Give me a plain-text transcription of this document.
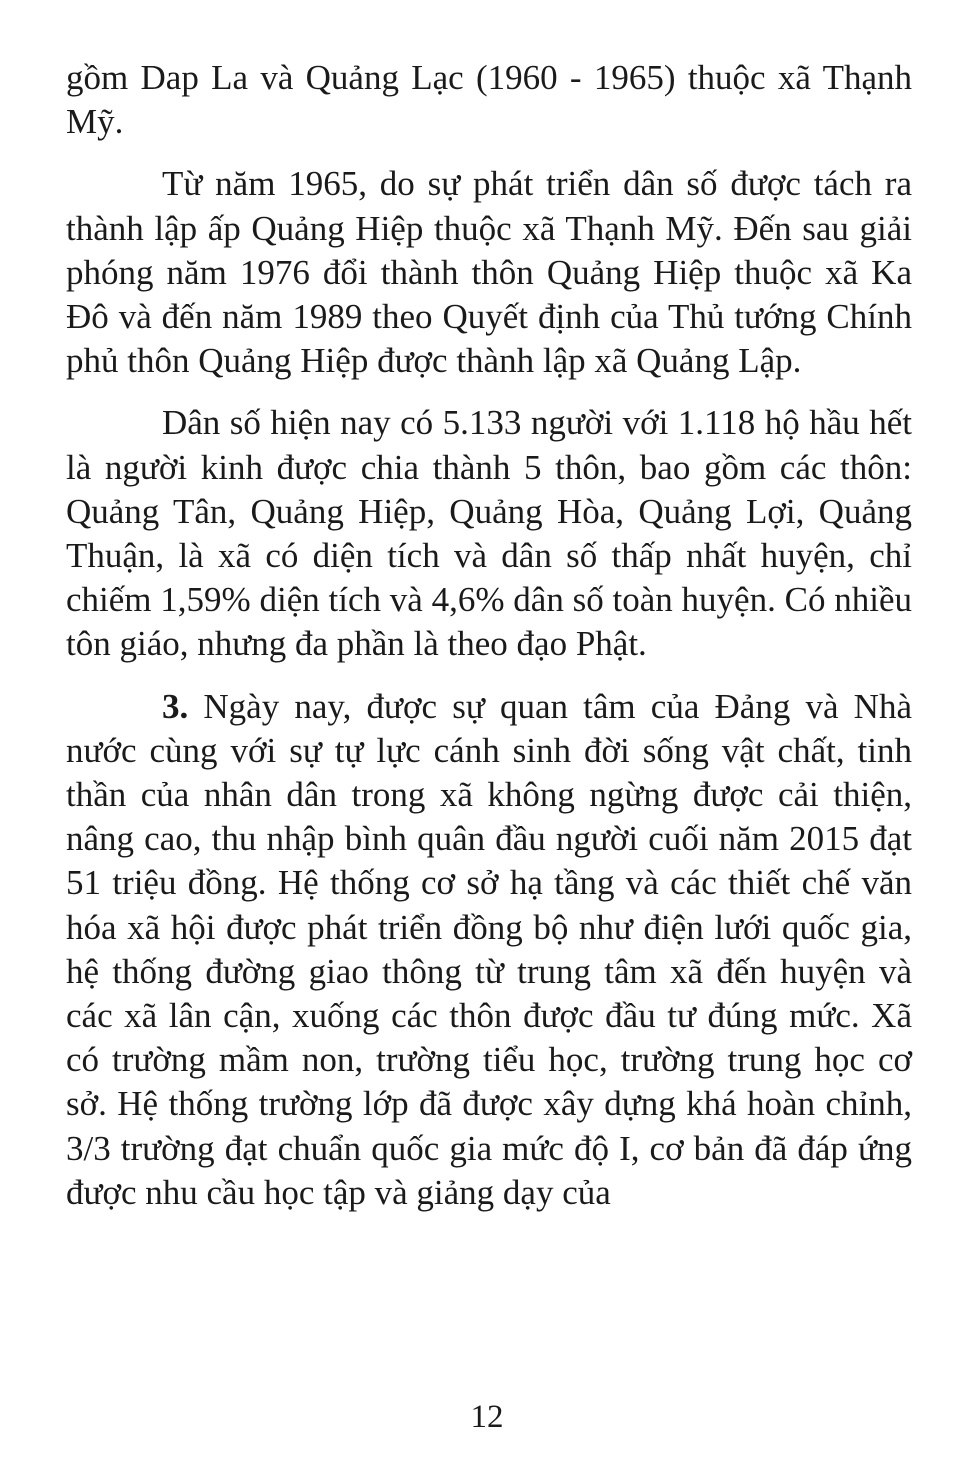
gồm Dap La và Quảng Lạc (1960 - 1965) thuộc xã Thạnh Mỹ.

Từ năm 1965, do sự phát triển dân số được tách ra thành lập ấp Quảng Hiệp thuộc xã Thạnh Mỹ. Đến sau giải phóng năm 1976 đổi thành thôn Quảng Hiệp thuộc xã Ka Đô và đến năm 1989 theo Quyết định của Thủ tướng Chính phủ thôn Quảng Hiệp được thành lập xã Quảng Lập.

Dân số hiện nay có 5.133 người với 1.118 hộ hầu hết là người kinh được chia thành 5 thôn, bao gồm các thôn: Quảng Tân, Quảng Hiệp, Quảng Hòa, Quảng Lợi, Quảng Thuận, là xã có diện tích và dân số thấp nhất huyện, chỉ chiếm 1,59% diện tích và 4,6% dân số toàn huyện. Có nhiều tôn giáo, nhưng đa phần là theo đạo Phật.

3. Ngày nay, được sự quan tâm của Đảng và Nhà nước cùng với sự tự lực cánh sinh đời sống vật chất, tinh thần của nhân dân trong xã không ngừng được cải thiện, nâng cao, thu nhập bình quân đầu người cuối năm 2015 đạt 51 triệu đồng. Hệ thống cơ sở hạ tầng và các thiết chế văn hóa xã hội được phát triển đồng bộ như điện lưới quốc gia, hệ thống đường giao thông từ trung tâm xã đến huyện và các xã lân cận, xuống các thôn được đầu tư đúng mức. Xã có trường mầm non, trường tiểu học, trường trung học cơ sở. Hệ thống trường lớp đã được xây dựng khá hoàn chỉnh, 3/3 trường đạt chuẩn quốc gia mức độ I, cơ bản đã đáp ứng được nhu cầu học tập và giảng dạy của

12
